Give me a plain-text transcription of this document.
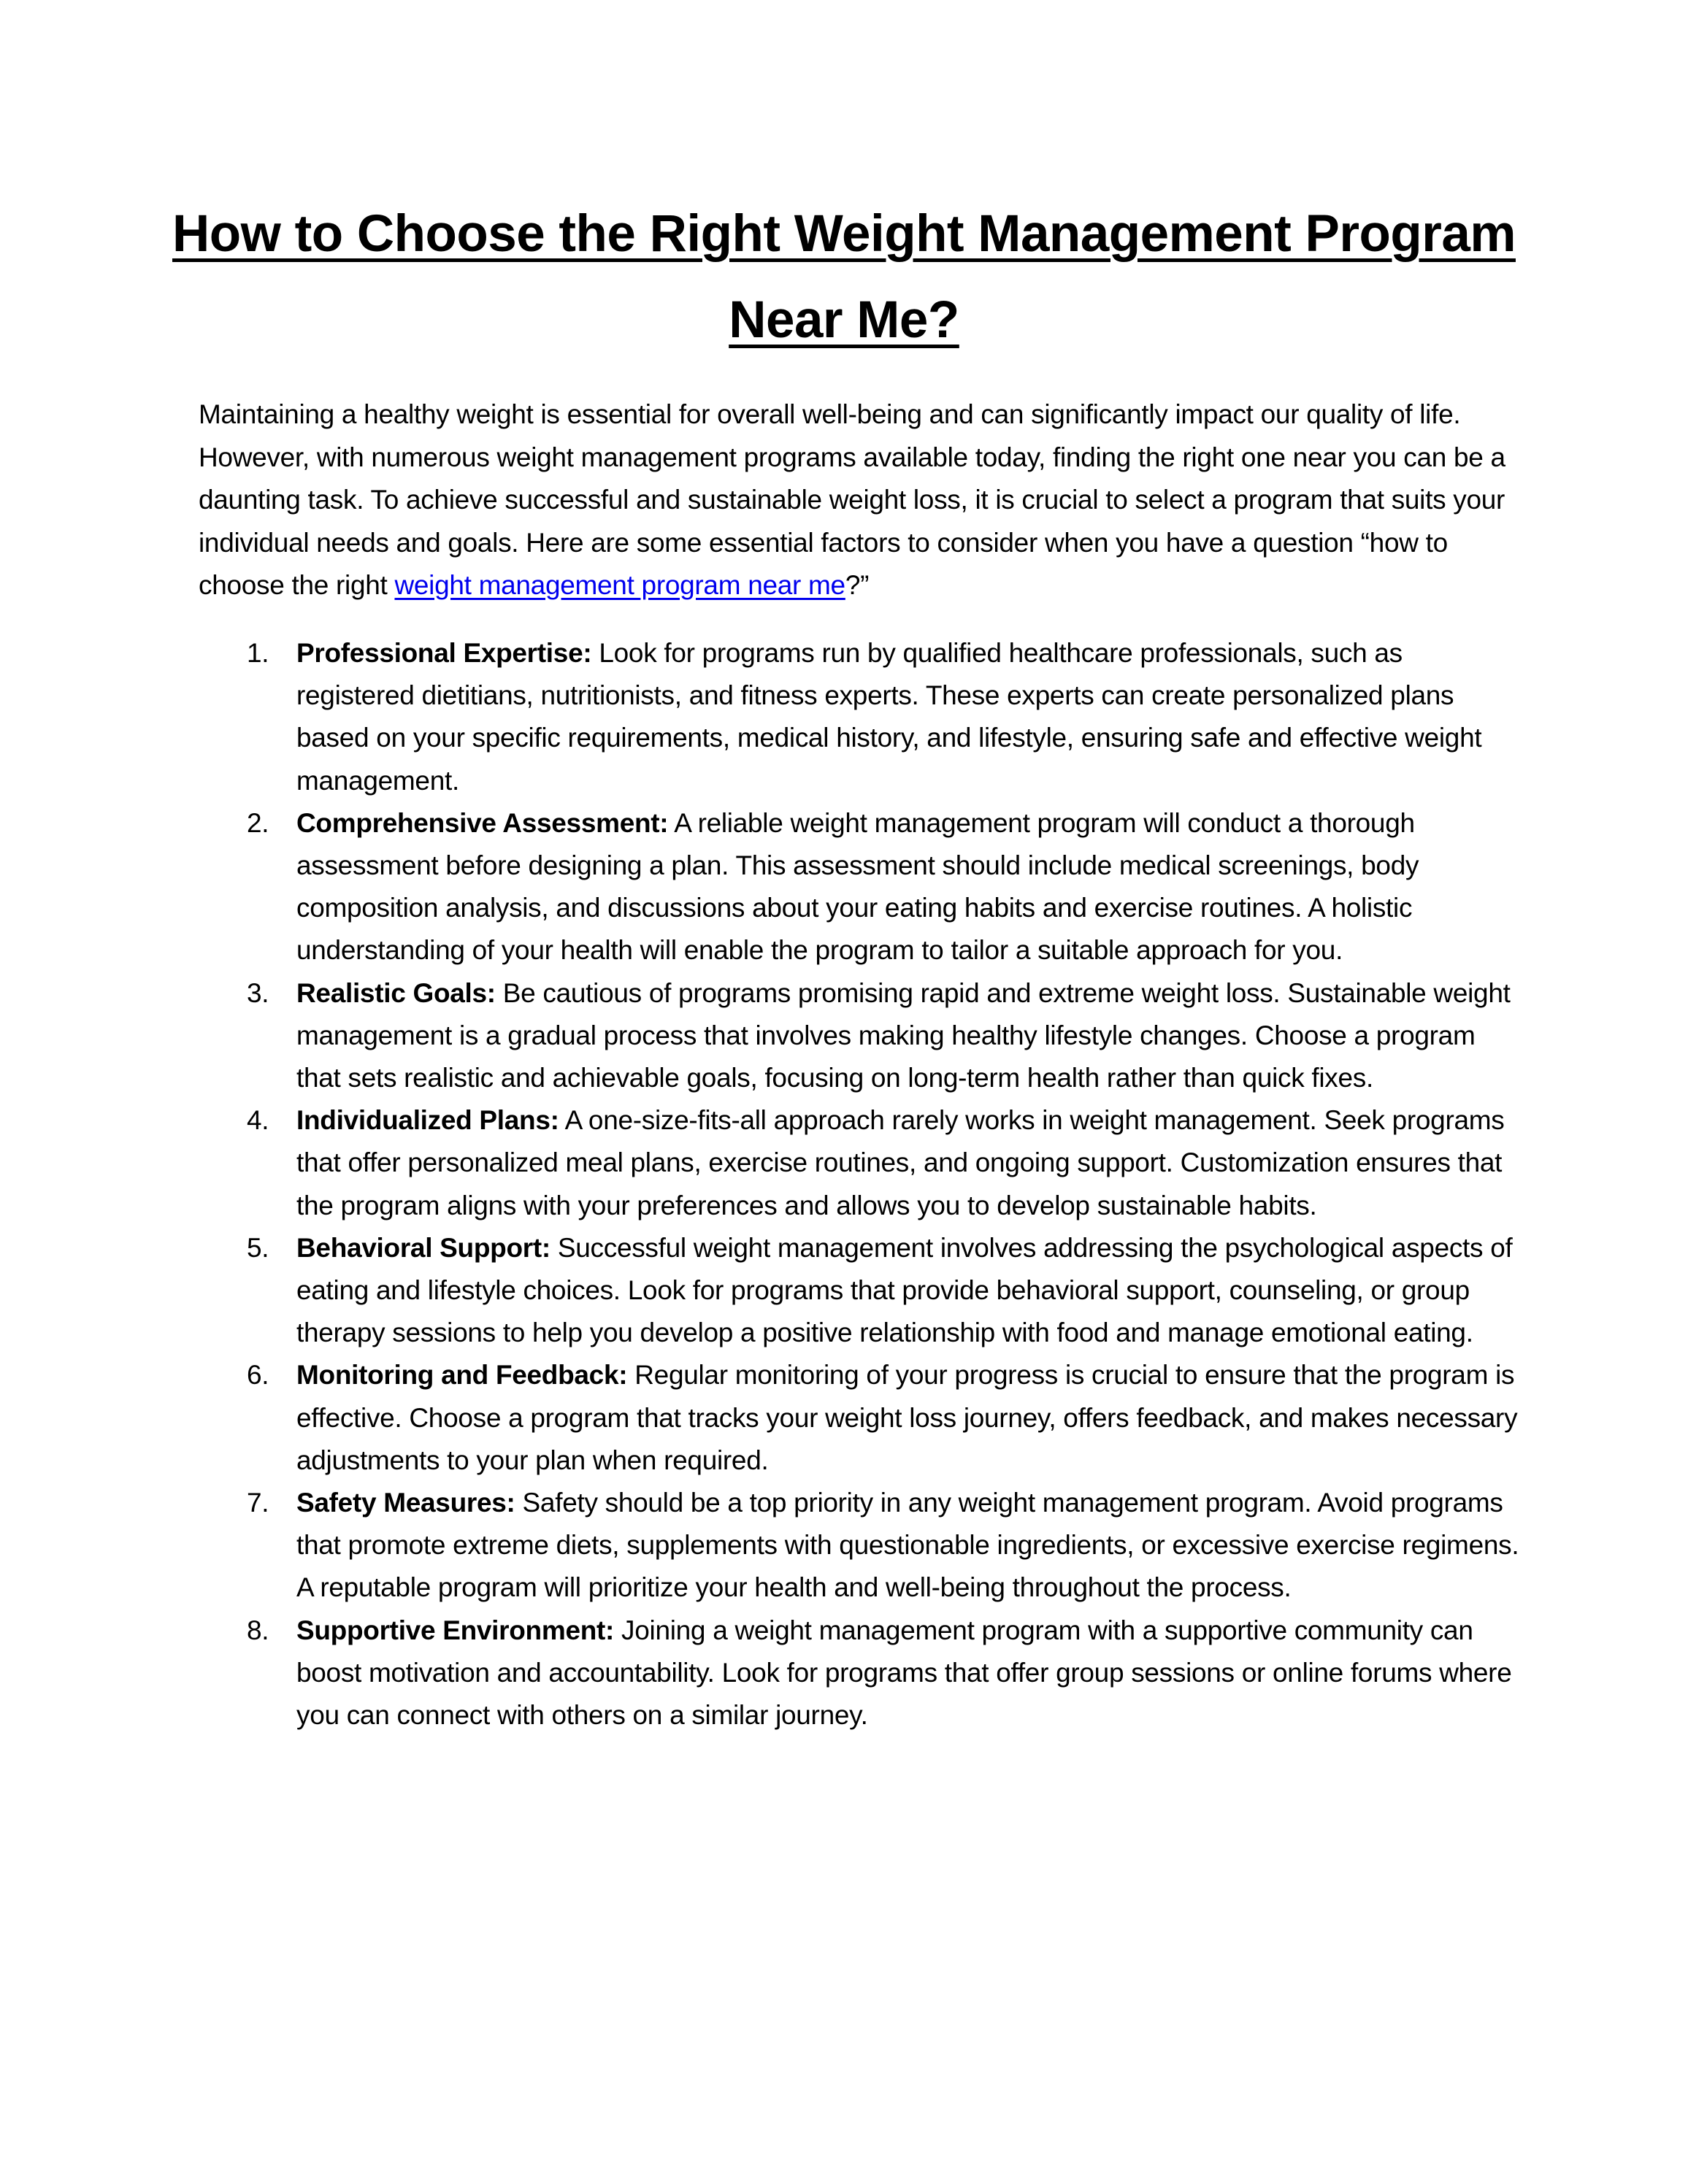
How to Choose the Right Weight Management Program Near Me?

Maintaining a healthy weight is essential for overall well-being and can significantly impact our quality of life. However, with numerous weight management programs available today, finding the right one near you can be a daunting task. To achieve successful and sustainable weight loss, it is crucial to select a program that suits your individual needs and goals. Here are some essential factors to consider when you have a question “how to choose the right weight management program near me?”

1. Professional Expertise: Look for programs run by qualified healthcare professionals, such as registered dietitians, nutritionists, and fitness experts. These experts can create personalized plans based on your specific requirements, medical history, and lifestyle, ensuring safe and effective weight management.
2. Comprehensive Assessment: A reliable weight management program will conduct a thorough assessment before designing a plan. This assessment should include medical screenings, body composition analysis, and discussions about your eating habits and exercise routines. A holistic understanding of your health will enable the program to tailor a suitable approach for you.
3. Realistic Goals: Be cautious of programs promising rapid and extreme weight loss. Sustainable weight management is a gradual process that involves making healthy lifestyle changes. Choose a program that sets realistic and achievable goals, focusing on long-term health rather than quick fixes.
4. Individualized Plans: A one-size-fits-all approach rarely works in weight management. Seek programs that offer personalized meal plans, exercise routines, and ongoing support. Customization ensures that the program aligns with your preferences and allows you to develop sustainable habits.
5. Behavioral Support: Successful weight management involves addressing the psychological aspects of eating and lifestyle choices. Look for programs that provide behavioral support, counseling, or group therapy sessions to help you develop a positive relationship with food and manage emotional eating.
6. Monitoring and Feedback: Regular monitoring of your progress is crucial to ensure that the program is effective. Choose a program that tracks your weight loss journey, offers feedback, and makes necessary adjustments to your plan when required.
7. Safety Measures: Safety should be a top priority in any weight management program. Avoid programs that promote extreme diets, supplements with questionable ingredients, or excessive exercise regimens. A reputable program will prioritize your health and well-being throughout the process.
8. Supportive Environment: Joining a weight management program with a supportive community can boost motivation and accountability. Look for programs that offer group sessions or online forums where you can connect with others on a similar journey.
